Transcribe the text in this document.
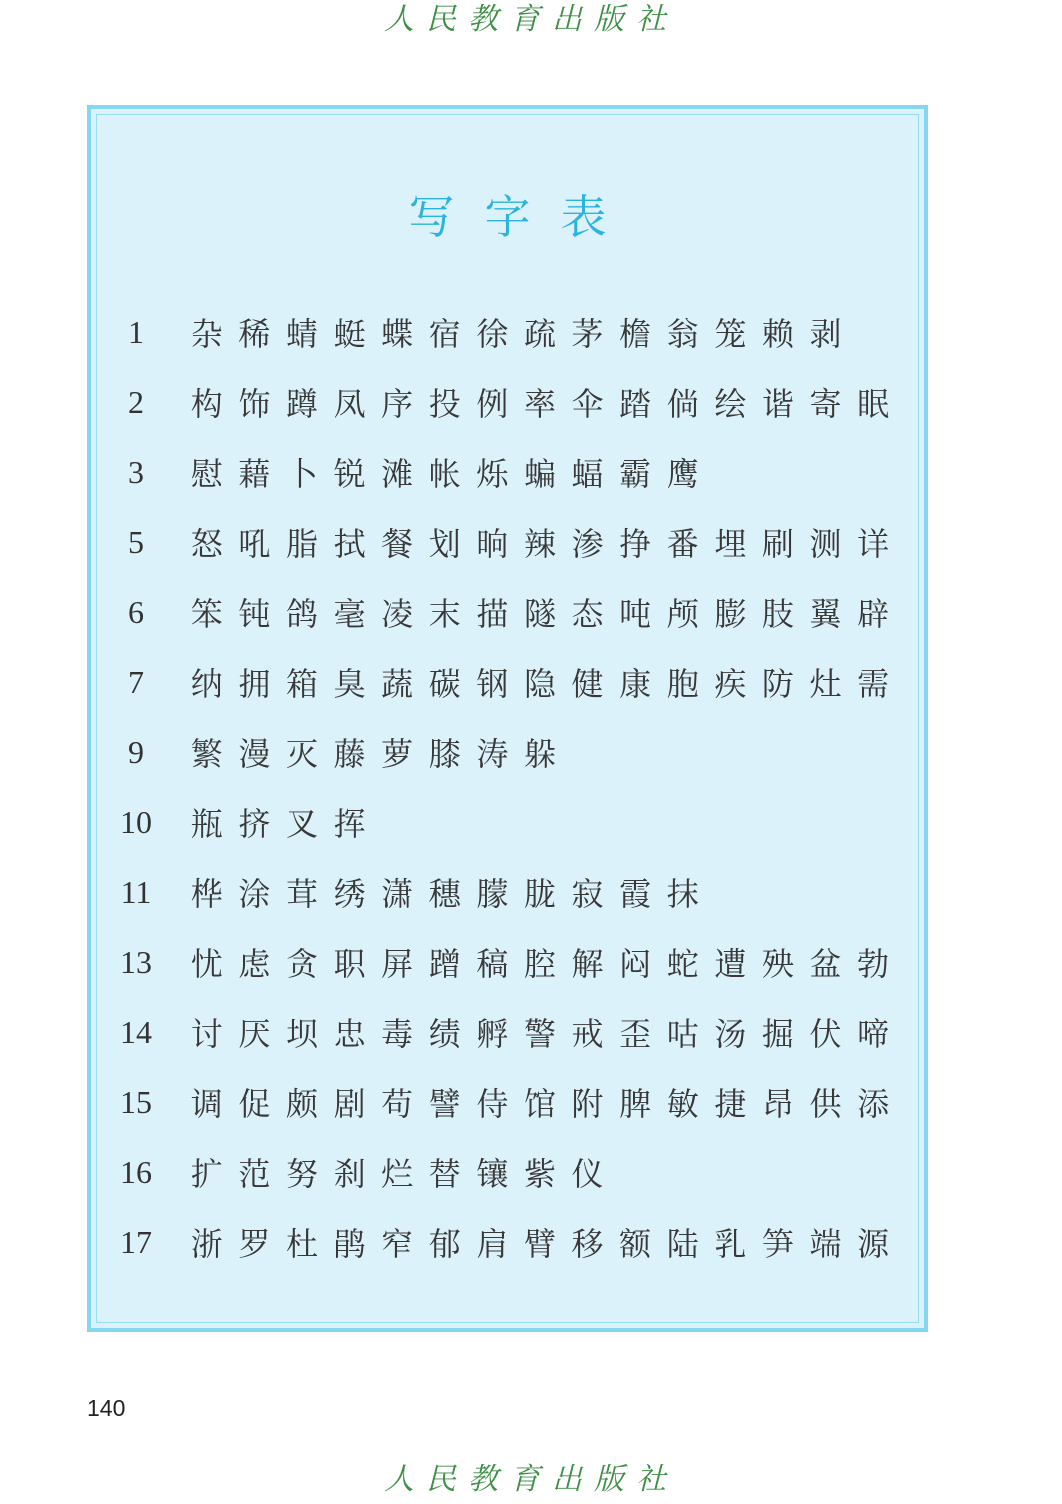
人民教育出版社
写字表
1	杂 稀 蜻 蜓 蝶 宿 徐 疏 茅 檐 翁 笼 赖 剥
2	构 饰 蹲 凤 序 投 例 率 伞 踏 倘 绘 谐 寄 眠
3	慰 藉 卜 锐 滩 帐 烁 蝙 蝠 霸 鹰
5	怒 吼 脂 拭 餐 划 晌 辣 渗 挣 番 埋 刷 测 详
6	笨 钝 鸽 毫 凌 末 描 隧 态 吨 颅 膨 肢 翼 辟
7	纳 拥 箱 臭 蔬 碳 钢 隐 健 康 胞 疾 防 灶 需
9	繁 漫 灭 藤 萝 膝 涛 躲
10	瓶 挤 叉 挥
11	桦 涂 茸 绣 潇 穗 朦 胧 寂 霞 抹
13	忧 虑 贪 职 屏 蹭 稿 腔 解 闷 蛇 遭 殃 盆 勃
14	讨 厌 坝 忠 毒 绩 孵 警 戒 歪 咕 汤 掘 伏 啼
15	调 促 颇 剧 苟 譬 侍 馆 附 脾 敏 捷 昂 供 添
16	扩 范 努 刹 烂 替 镶 紫 仪
17	浙 罗 杜 鹃 窄 郁 肩 臂 移 额 陆 乳 笋 端 源
140
人民教育出版社
